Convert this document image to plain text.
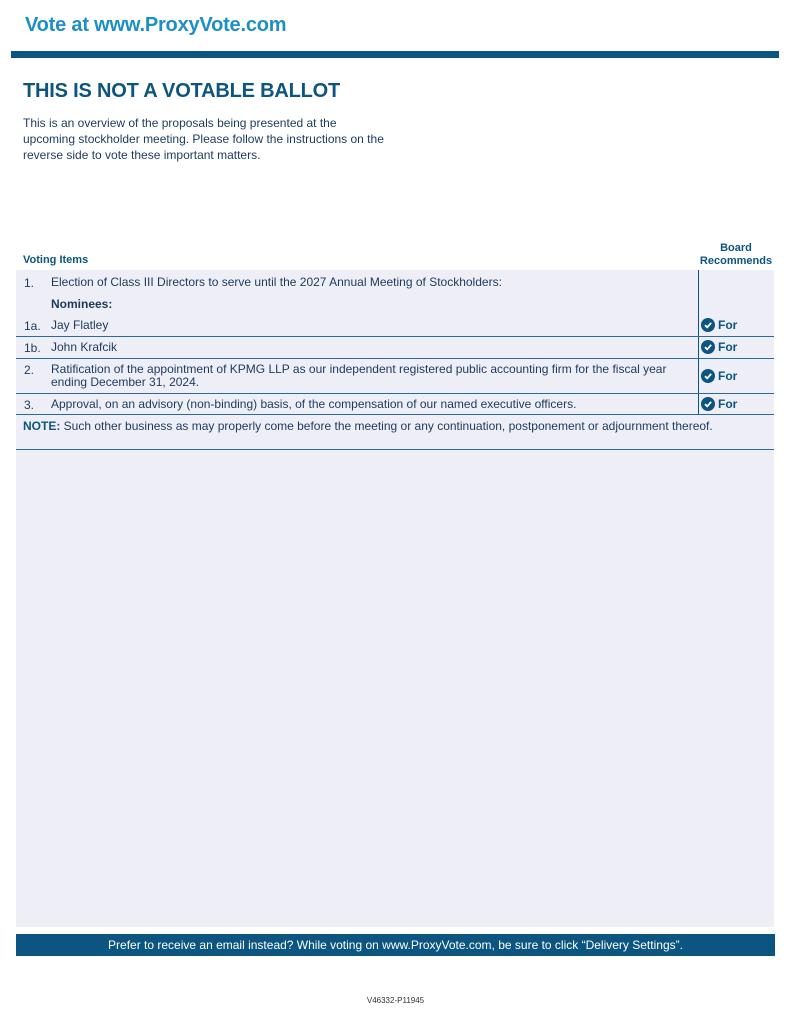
Vote at www.ProxyVote.com
THIS IS NOT A VOTABLE BALLOT
This is an overview of the proposals being presented at the upcoming stockholder meeting. Please follow the instructions on the reverse side to vote these important matters.
Voting Items
Board Recommends
1. Election of Class III Directors to serve until the 2027 Annual Meeting of Stockholders:
Nominees:
1a. Jay Flatley	For
1b. John Krafcik	For
2. Ratification of the appointment of KPMG LLP as our independent registered public accounting firm for the fiscal year ending December 31, 2024.	For
3. Approval, on an advisory (non-binding) basis, of the compensation of our named executive officers.	For
NOTE: Such other business as may properly come before the meeting or any continuation, postponement or adjournment thereof.
Prefer to receive an email instead? While voting on www.ProxyVote.com, be sure to click “Delivery Settings”.
V46332-P11945
